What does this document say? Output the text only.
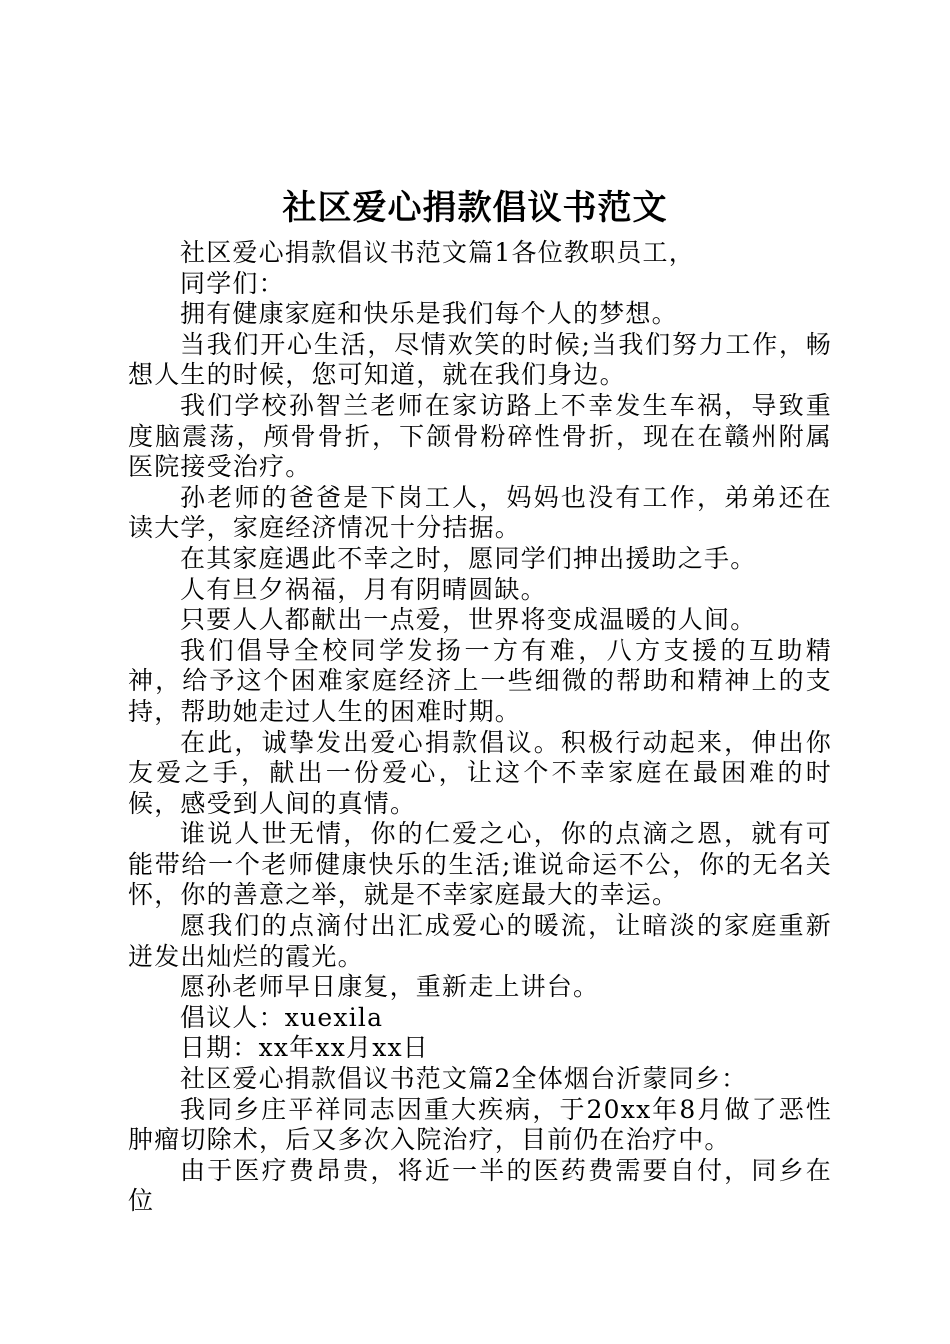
社区爱心捐款倡议书范文

社区爱心捐款倡议书范文篇1各位教职员工，

同学们：

拥有健康家庭和快乐是我们每个人的梦想。

当我们开心生活，尽情欢笑的时候;当我们努力工作，畅想人生的时候，您可知道，就在我们身边。

我们学校孙智兰老师在家访路上不幸发生车祸，导致重度脑震荡，颅骨骨折，下颌骨粉碎性骨折，现在在赣州附属医院接受治疗。

孙老师的爸爸是下岗工人，妈妈也没有工作，弟弟还在读大学，家庭经济情况十分拮据。

在其家庭遇此不幸之时，愿同学们抻出援助之手。

人有旦夕祸福，月有阴晴圆缺。

只要人人都献出一点爱，世界将变成温暖的人间。

我们倡导全校同学发扬一方有难，八方支援的互助精神，给予这个困难家庭经济上一些细微的帮助和精神上的支持，帮助她走过人生的困难时期。

在此，诚挚发出爱心捐款倡议。积极行动起来，伸出你友爱之手，献出一份爱心，让这个不幸家庭在最困难的时候，感受到人间的真情。

谁说人世无情，你的仁爱之心，你的点滴之恩，就有可能带给一个老师健康快乐的生活;谁说命运不公，你的无名关怀，你的善意之举，就是不幸家庭最大的幸运。

愿我们的点滴付出汇成爱心的暖流，让暗淡的家庭重新迸发出灿烂的霞光。

愿孙老师早日康复，重新走上讲台。

倡议人：xuexila

日期：xx年xx月xx日

社区爱心捐款倡议书范文篇2全体烟台沂蒙同乡：

我同乡庄平祥同志因重大疾病，于20xx年8月做了恶性肿瘤切除术，后又多次入院治疗，目前仍在治疗中。

由于医疗费昂贵，将近一半的医药费需要自付，同乡在位
